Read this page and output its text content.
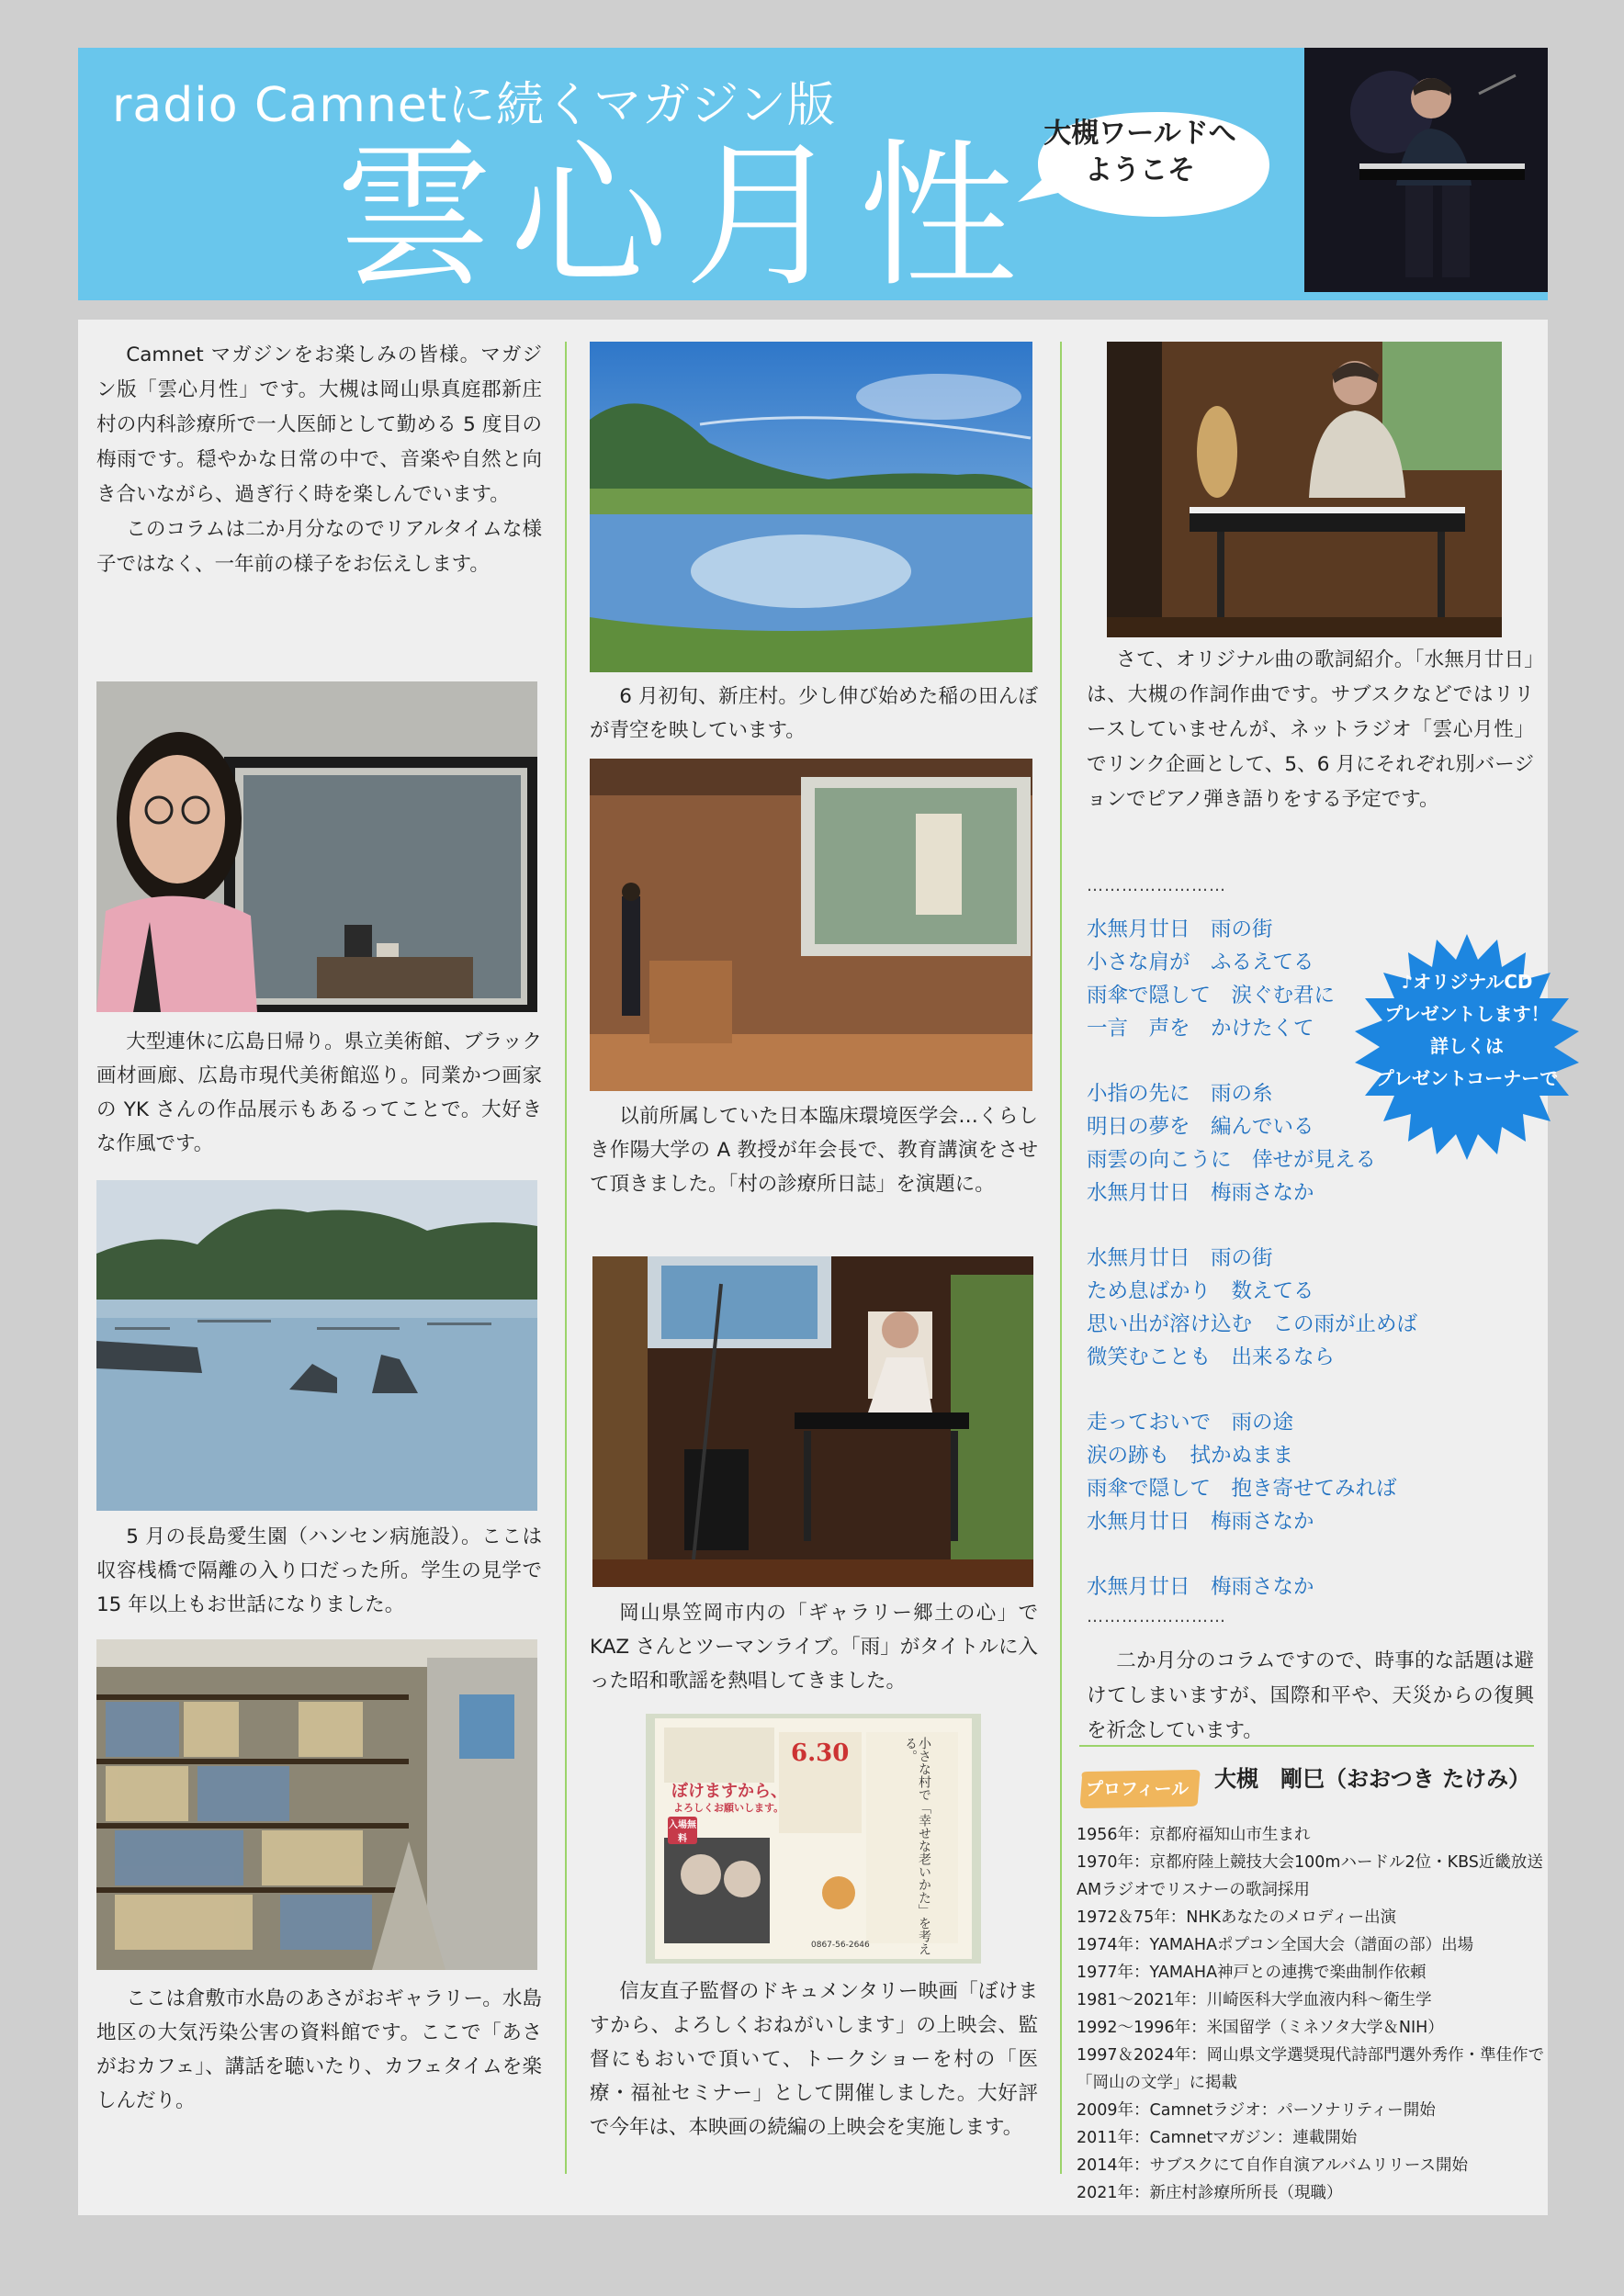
radio Camnetに続くマガジン版
雲心月性 大槻ワールドへ
ようこそ

Camnet マガジンをお楽しみの皆様。マガジン版「雲心月性」です。大槻は岡山県真庭郡新庄村の内科診療所で一人医師として勤める 5 度目の梅雨です。穏やかな日常の中で、音楽や自然と向き合いながら、過ぎ行く時を楽しんでいます。

このコラムは二か月分なのでリアルタイムな様子ではなく、一年前の様子をお伝えします。

大型連休に広島日帰り。県立美術館、ブラック画材画廊、広島市現代美術館巡り。同業かつ画家の YK さんの作品展示もあるってことで。大好きな作風です。

5 月の長島愛生園（ハンセン病施設）。ここは収容桟橋で隔離の入り口だった所。学生の見学で 15 年以上もお世話になりました。

ここは倉敷市水島のあさがおギャラリー。水島地区の大気汚染公害の資料館です。ここで「あさがおカフェ」、講話を聴いたり、カフェタイムを楽しんだり。

6 月初旬、新庄村。少し伸び始めた稲の田んぼが青空を映しています。

以前所属していた日本臨床環境医学会…くらしき作陽大学の A 教授が年会長で、教育講演をさせて頂きました。「村の診療所日誌」を演題に。

岡山県笠岡市内の「ギャラリー郷土の心」で KAZ さんとツーマンライブ。「雨」がタイトルに入った昭和歌謡を熱唱してきました。

ぼけますから、
よろしくお願いします。
6.30
入場無料	小さな村で「幸せな老いかた」を考える。
0867-56-2646

信友直子監督のドキュメンタリー映画「ぼけますから、よろしくおねがいします」の上映会、監督にもおいで頂いて、トークショーを村の「医療・福祉セミナー」として開催しました。大好評で今年は、本映画の続編の上映会を実施します。

さて、オリジナル曲の歌詞紹介。「水無月廿日」は、大槻の作詞作曲です。サブスクなどではリリースしていませんが、ネットラジオ「雲心月性」でリンク企画として、5、6 月にそれぞれ別バージョンでピアノ弾き語りをする予定です。

……………………
水無月廿日　雨の街
小さな肩が　ふるえてる
雨傘で隠して　涙ぐむ君に
一言　声を　かけたくて
小指の先に　雨の糸
明日の夢を　編んでいる
雨雲の向こうに　倖せが見える
水無月廿日　梅雨さなか
水無月廿日　雨の街
ため息ばかり　数えてる
思い出が溶け込む　この雨が止めば
微笑むことも　出来るなら
走っておいで　雨の途
涙の跡も　拭かぬまま
雨傘で隠して　抱き寄せてみれば
水無月廿日　梅雨さなか
水無月廿日　梅雨さなか
……………………

二か月分のコラムですので、時事的な話題は避けてしまいますが、国際和平や、天災からの復興を祈念しています。

♪オリジナルCD
プレゼントします！
詳しくは
プレゼントコーナーで
プロフィール 大槻　剛巳（おおつき たけみ）
1956年：京都府福知山市生まれ
1970年：京都府陸上競技大会100mハードル2位・KBS近畿放送AMラジオでリスナーの歌詞採用
1972＆75年：NHKあなたのメロディー出演
1974年：YAMAHAポプコン全国大会（譜面の部）出場
1977年：YAMAHA神戸との連携で楽曲制作依頼
1981～2021年：川崎医科大学血液内科～衛生学
1992～1996年：米国留学（ミネソタ大学＆NIH）
1997＆2024年：岡山県文学選奨現代詩部門選外秀作・準佳作で「岡山の文学」に掲載
2009年：Camnetラジオ：パーソナリティー開始
2011年：Camnetマガジン：連載開始
2014年：サブスクにて自作自演アルバムリリース開始
2021年：新庄村診療所所長（現職）
